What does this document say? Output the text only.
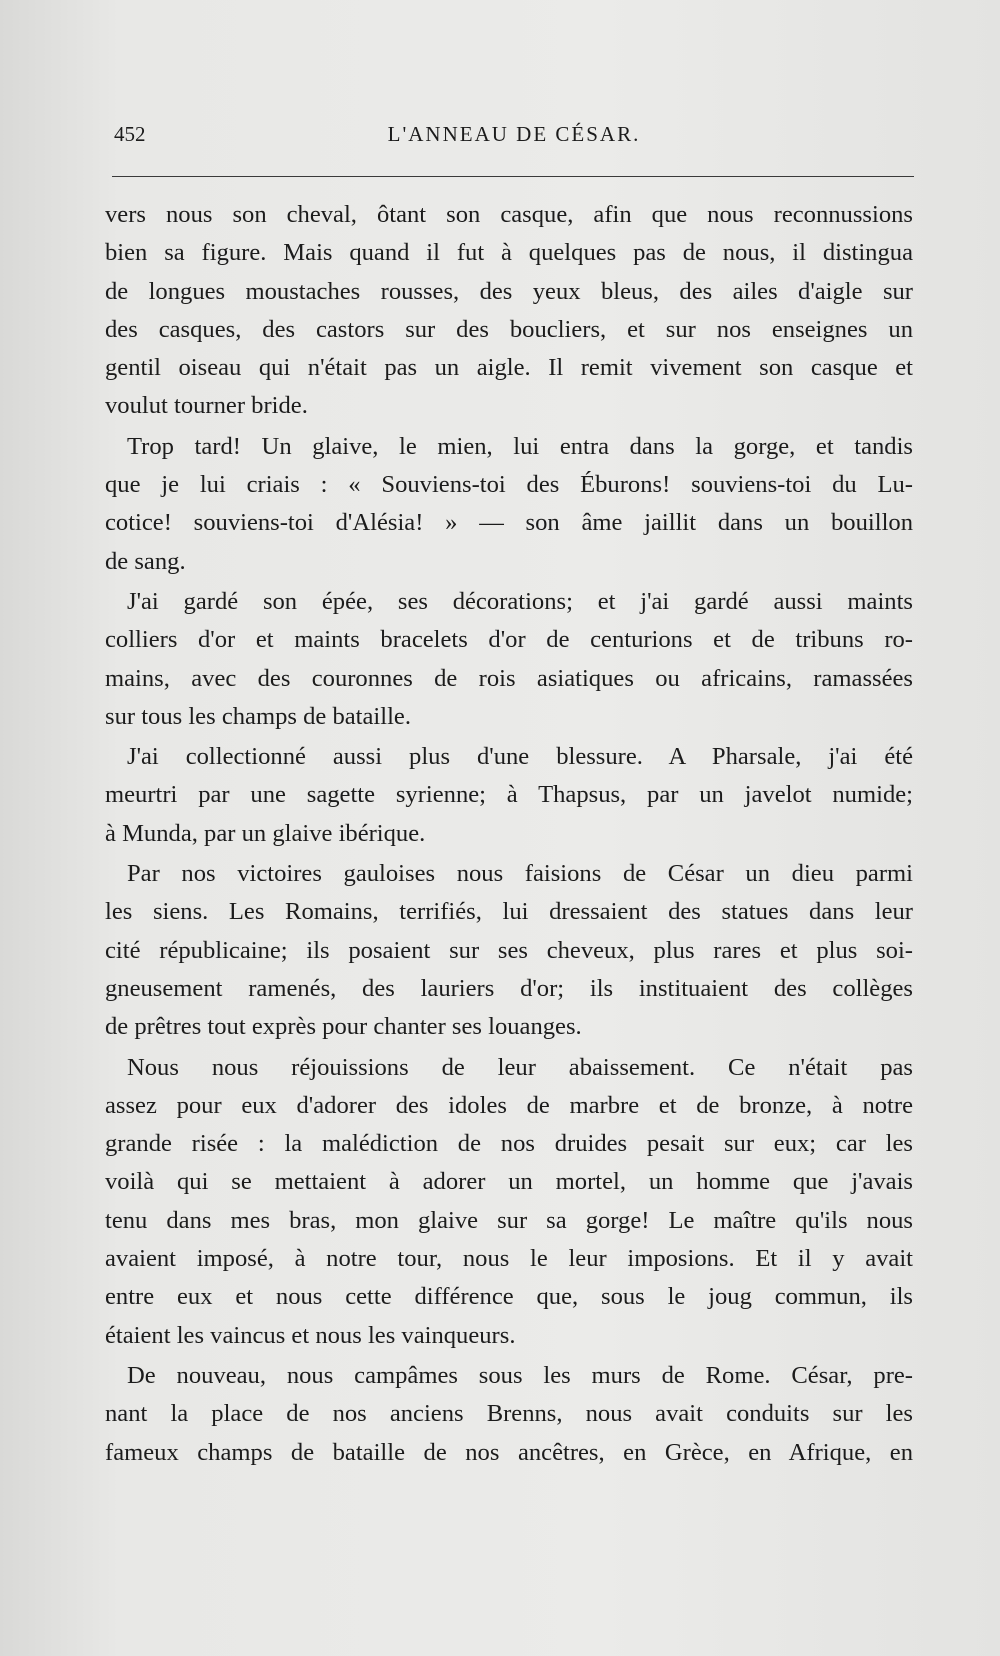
452	L'ANNEAU DE CÉSAR.

vers nous son cheval, ôtant son casque, afin que nous reconnussions
bien sa figure. Mais quand il fut à quelques pas de nous, il distingua
de longues moustaches rousses, des yeux bleus, des ailes d'aigle sur
des casques, des castors sur des boucliers, et sur nos enseignes un
gentil oiseau qui n'était pas un aigle. Il remit vivement son casque et
voulut tourner bride.

Trop tard! Un glaive, le mien, lui entra dans la gorge, et tandis
que je lui criais : « Souviens-toi des Éburons! souviens-toi du Lu-
cotice! souviens-toi d'Alésia! » — son âme jaillit dans un bouillon
de sang.

J'ai gardé son épée, ses décorations; et j'ai gardé aussi maints
colliers d'or et maints bracelets d'or de centurions et de tribuns ro-
mains, avec des couronnes de rois asiatiques ou africains, ramassées
sur tous les champs de bataille.

J'ai collectionné aussi plus d'une blessure. A Pharsale, j'ai été
meurtri par une sagette syrienne; à Thapsus, par un javelot numide;
à Munda, par un glaive ibérique.

Par nos victoires gauloises nous faisions de César un dieu parmi
les siens. Les Romains, terrifiés, lui dressaient des statues dans leur
cité républicaine; ils posaient sur ses cheveux, plus rares et plus soi-
gneusement ramenés, des lauriers d'or; ils instituaient des collèges
de prêtres tout exprès pour chanter ses louanges.

Nous nous réjouissions de leur abaissement. Ce n'était pas
assez pour eux d'adorer des idoles de marbre et de bronze, à notre
grande risée : la malédiction de nos druides pesait sur eux; car les
voilà qui se mettaient à adorer un mortel, un homme que j'avais
tenu dans mes bras, mon glaive sur sa gorge! Le maître qu'ils nous
avaient imposé, à notre tour, nous le leur imposions. Et il y avait
entre eux et nous cette différence que, sous le joug commun, ils
étaient les vaincus et nous les vainqueurs.

De nouveau, nous campâmes sous les murs de Rome. César, pre-
nant la place de nos anciens Brenns, nous avait conduits sur les
fameux champs de bataille de nos ancêtres, en Grèce, en Afrique, en
